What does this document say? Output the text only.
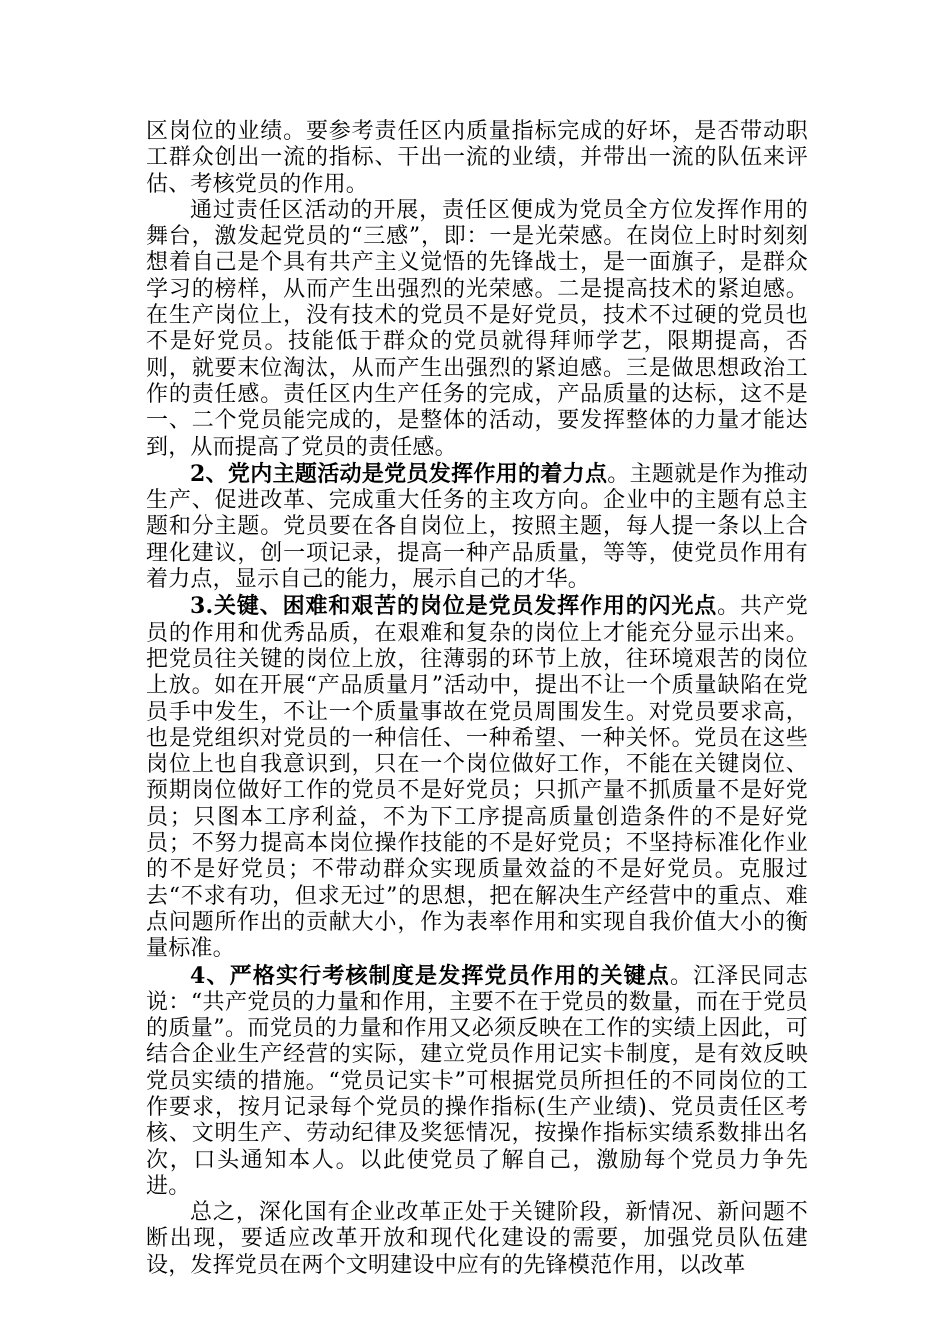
区岗位的业绩。要参考责任区内质量指标完成的好坏，是否带动职工群众创出一流的指标、干出一流的业绩，并带出一流的队伍来评估、考核党员的作用。

通过责任区活动的开展，责任区便成为党员全方位发挥作用的舞台，激发起党员的“三感”，即：一是光荣感。在岗位上时时刻刻想着自己是个具有共产主义觉悟的先锋战士，是一面旗子，是群众学习的榜样，从而产生出强烈的光荣感。二是提高技术的紧迫感。在生产岗位上，没有技术的党员不是好党员，技术不过硬的党员也不是好党员。技能低于群众的党员就得拜师学艺，限期提高，否则，就要末位淘汰，从而产生出强烈的紧迫感。三是做思想政治工作的责任感。责任区内生产任务的完成，产品质量的达标，这不是一、二个党员能完成的，是整体的活动，要发挥整体的力量才能达到，从而提高了党员的责任感。

2、党内主题活动是党员发挥作用的着力点。主题就是作为推动生产、促进改革、完成重大任务的主攻方向。企业中的主题有总主题和分主题。党员要在各自岗位上，按照主题，每人提一条以上合理化建议，创一项记录，提高一种产品质量，等等，使党员作用有着力点，显示自己的能力，展示自己的才华。

3.关键、困难和艰苦的岗位是党员发挥作用的闪光点。共产党员的作用和优秀品质，在艰难和复杂的岗位上才能充分显示出来。把党员往关键的岗位上放，往薄弱的环节上放，往环境艰苦的岗位上放。如在开展“产品质量月”活动中，提出不让一个质量缺陷在党员手中发生，不让一个质量事故在党员周围发生。对党员要求高，也是党组织对党员的一种信任、一种希望、一种关怀。党员在这些岗位上也自我意识到，只在一个岗位做好工作，不能在关键岗位、预期岗位做好工作的党员不是好党员；只抓产量不抓质量不是好党员；只图本工序利益，不为下工序提高质量创造条件的不是好党员；不努力提高本岗位操作技能的不是好党员；不坚持标准化作业的不是好党员；不带动群众实现质量效益的不是好党员。克服过去“不求有功，但求无过”的思想，把在解决生产经营中的重点、难点问题所作出的贡献大小，作为表率作用和实现自我价值大小的衡量标准。

4、严格实行考核制度是发挥党员作用的关键点。江泽民同志说：“共产党员的力量和作用，主要不在于党员的数量，而在于党员的质量”。而党员的力量和作用又必须反映在工作的实绩上因此，可结合企业生产经营的实际，建立党员作用记实卡制度，是有效反映党员实绩的措施。“党员记实卡”可根据党员所担任的不同岗位的工作要求，按月记录每个党员的操作指标(生产业绩)、党员责任区考核、文明生产、劳动纪律及奖惩情况，按操作指标实绩系数排出名次，口头通知本人。以此使党员了解自己，激励每个党员力争先进。

总之，深化国有企业改革正处于关键阶段，新情况、新问题不断出现，要适应改革开放和现代化建设的需要，加强党员队伍建设，发挥党员在两个文明建设中应有的先锋模范作用，以改革
